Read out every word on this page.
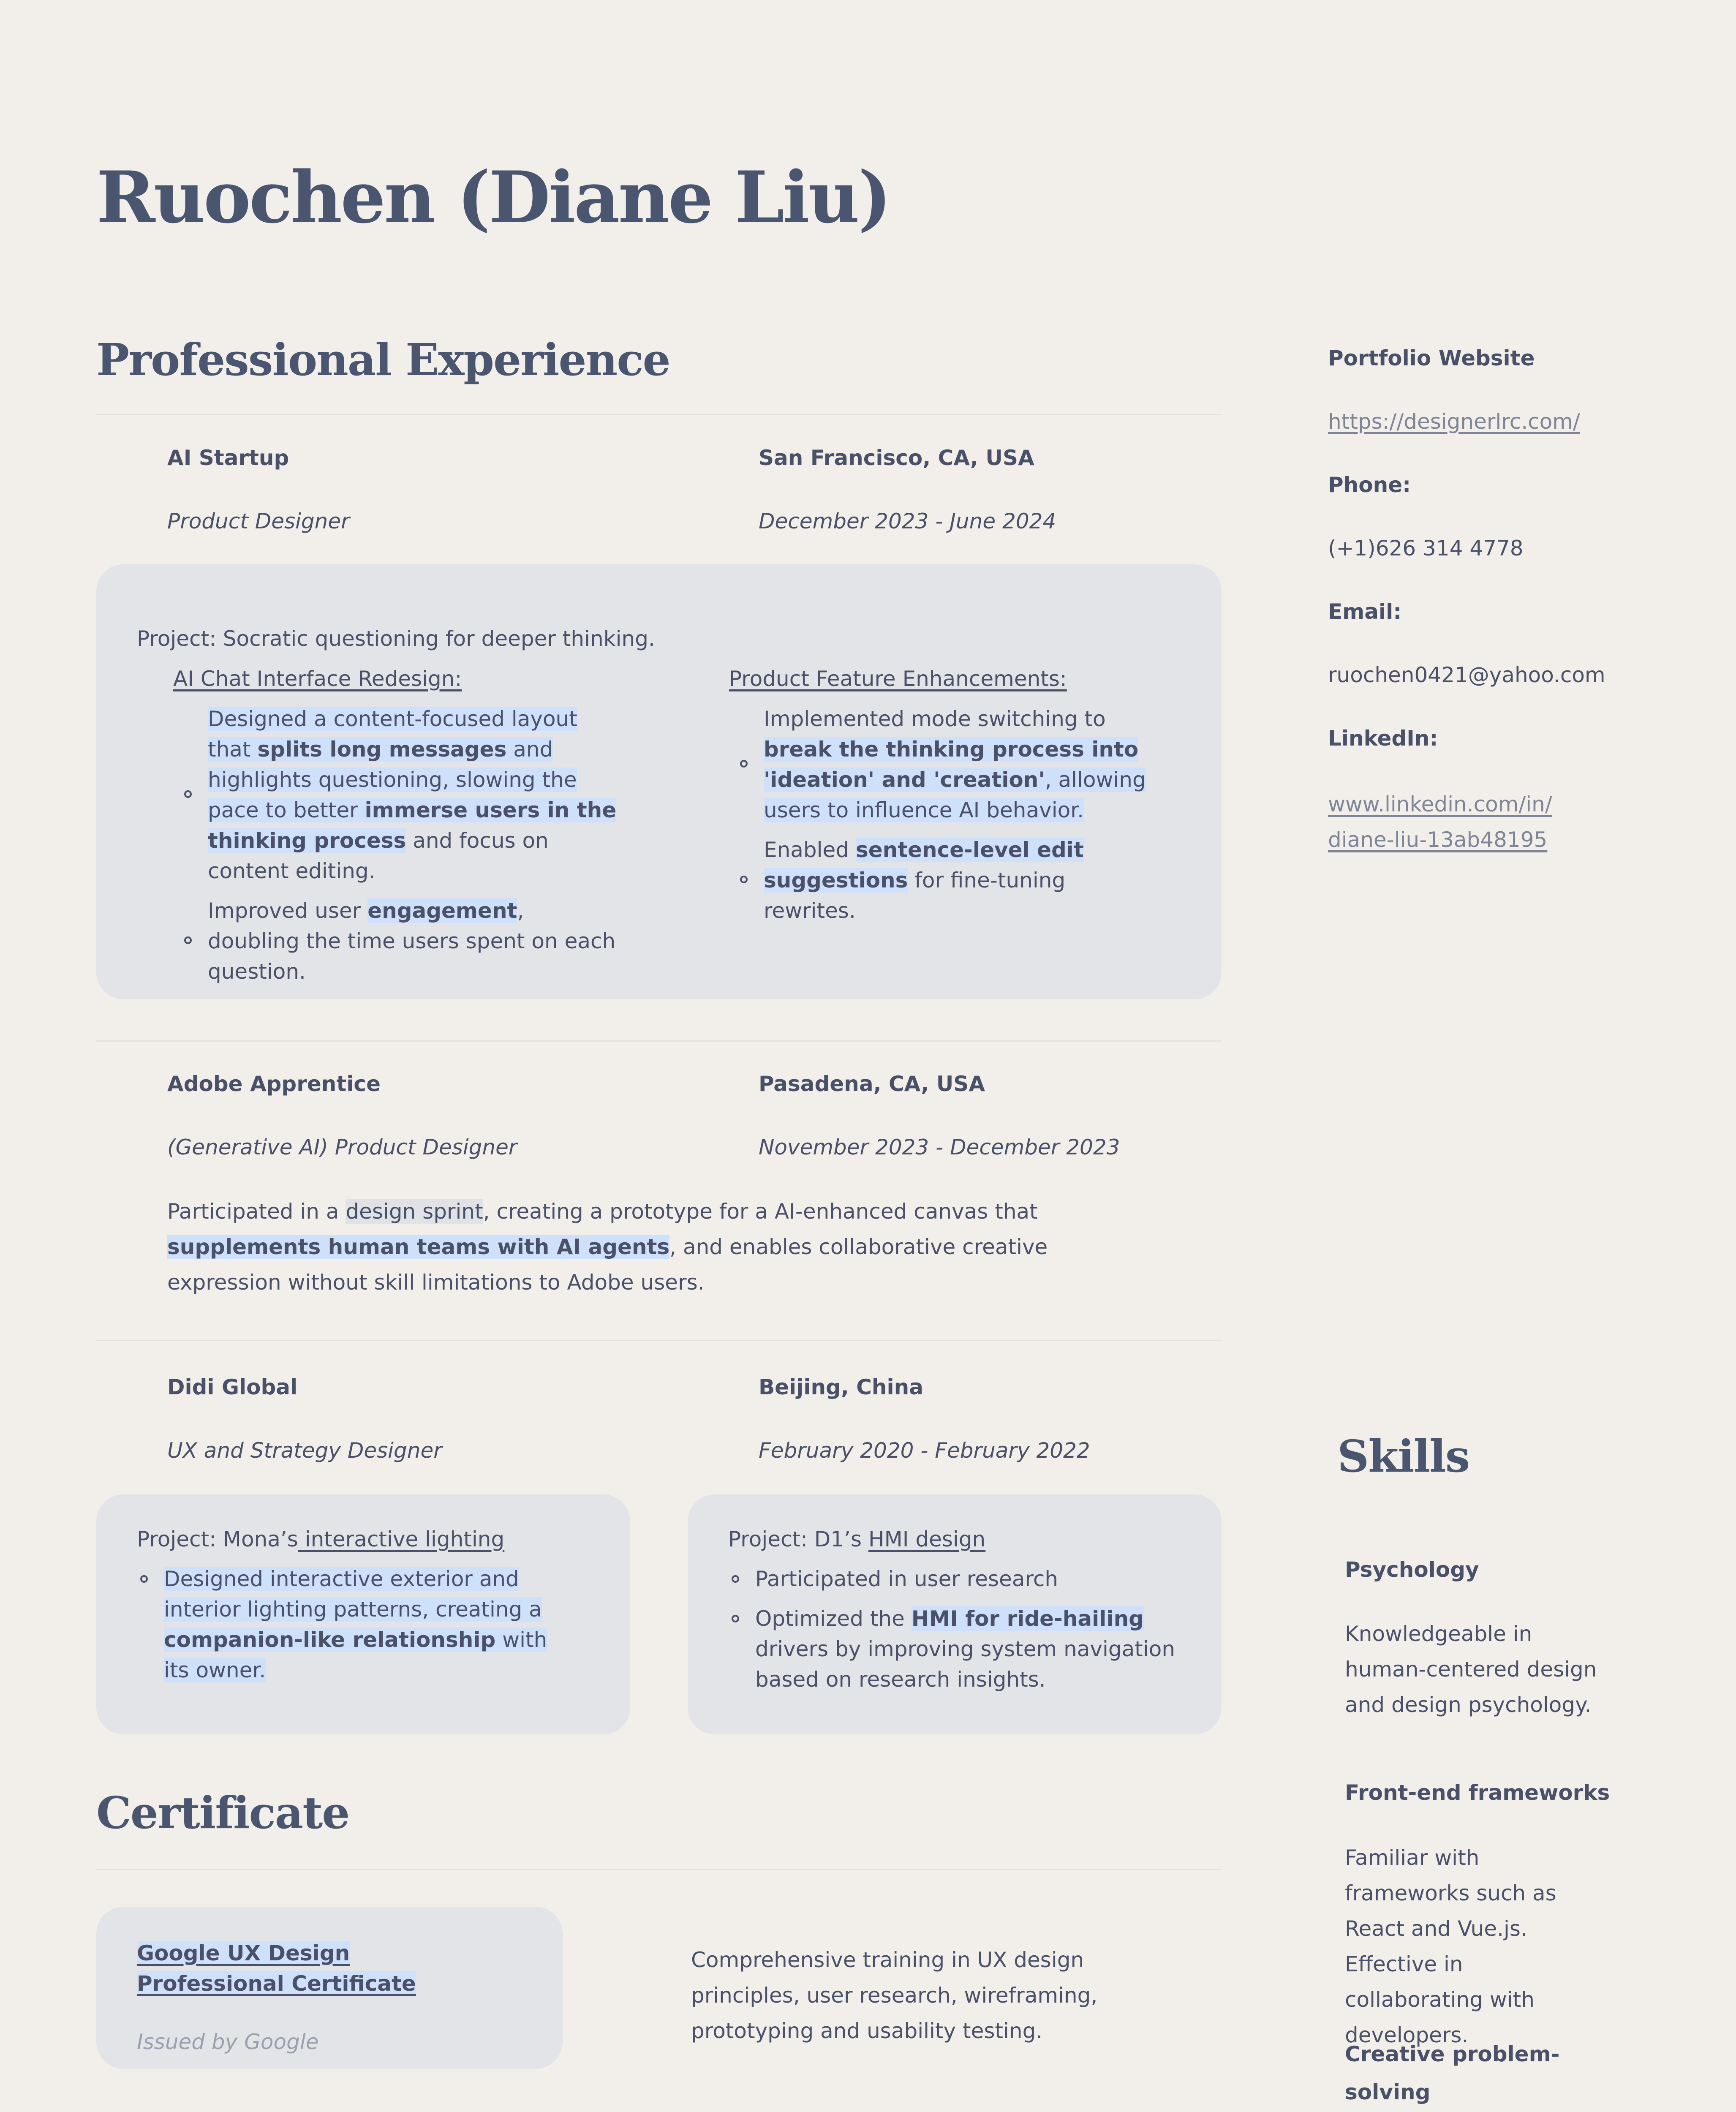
Ruochen (Diane Liu)
Professional Experience
AI Startup	San Francisco, CA, USA
Product Designer	December 2023 - June 2024
Project: Socratic questioning for deeper thinking.
AI Chat Interface Redesign:
Designed a content-focused layout that splits long messages and highlights questioning, slowing the pace to better immerse users in the thinking process and focus on content editing.
Improved user engagement, doubling the time users spent on each question.
Product Feature Enhancements:
Implemented mode switching to break the thinking process into 'ideation' and 'creation', allowing users to influence AI behavior.
Enabled sentence-level edit suggestions for fine-tuning rewrites.
Adobe Apprentice	Pasadena, CA, USA
(Generative AI) Product Designer	November 2023 - December 2023
Participated in a design sprint, creating a prototype for a AI-enhanced canvas that supplements human teams with AI agents, and enables collaborative creative expression without skill limitations to Adobe users.
Didi Global	Beijing, China
UX and Strategy Designer	February 2020 - February 2022
Project: Mona’s interactive lighting
Designed interactive exterior and interior lighting patterns, creating a companion-like relationship with its owner.
Project: D1’s HMI design
Participated in user research
Optimized the HMI for ride-hailing drivers by improving system navigation based on research insights.
Certificate
Google UX Design Professional Certificate
Issued by Google
Comprehensive training in UX design principles, user research, wireframing, prototyping and usability testing.
Portfolio Website
https://designerlrc.com/
Phone:
(+1)626 314 4778
Email:
ruochen0421@yahoo.com
LinkedIn:
www.linkedin.com/in/
diane-liu-13ab48195
Skills
Psychology
Knowledgeable in human-centered design and design psychology.
Front-end frameworks
Familiar with frameworks such as React and Vue.js. Effective in collaborating with developers.
Creative problem-solving
